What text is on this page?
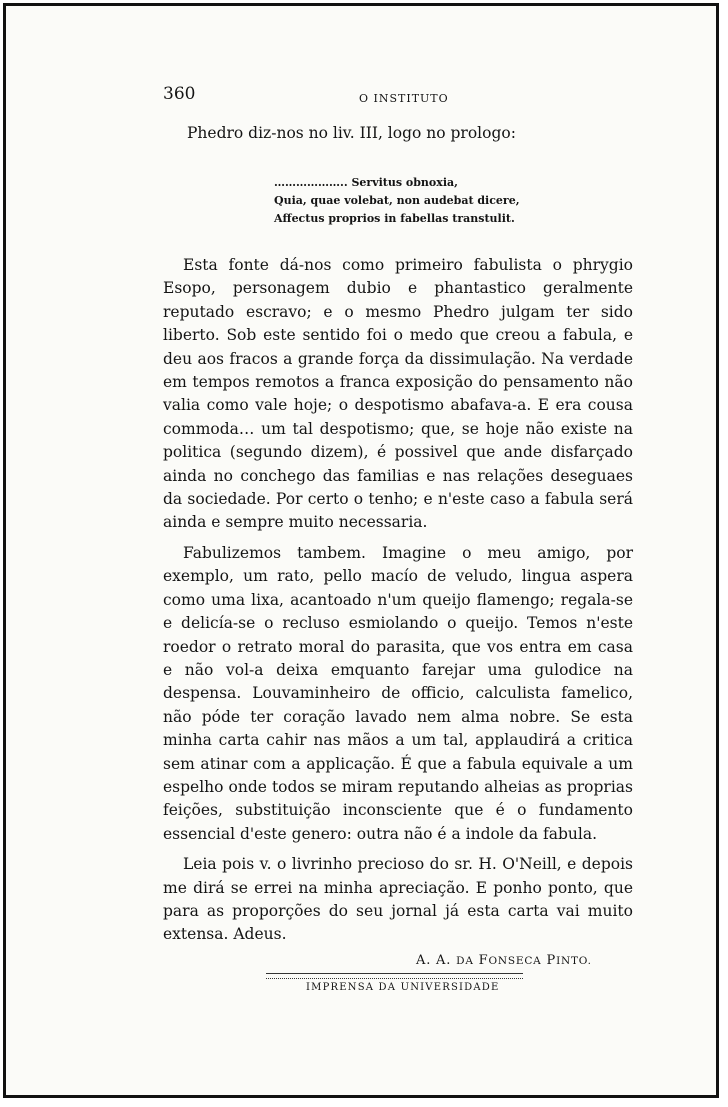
360	O INSTITUTO

Phedro diz-nos no liv. III, logo no prologo:

……………….. Servitus obnoxia,
Quia, quae volebat, non audebat dicere,
Affectus proprios in fabellas transtulit.

Esta fonte dá-nos como primeiro fabulista o phrygio Esopo, personagem dubio e phantastico geralmente reputado escravo; e o mesmo Phedro julgam ter sido liberto. Sob este sentido foi o medo que creou a fabula, e deu aos fracos a grande força da dissimulação. Na verdade em tempos remotos a franca exposição do pensamento não valia como vale hoje; o despotismo abafava-a. E era cousa commoda… um tal despotismo; que, se hoje não existe na politica (segundo dizem), é possivel que ande disfarçado ainda no conchego das familias e nas relações deseguaes da sociedade. Por certo o tenho; e n'este caso a fabula será ainda e sempre muito necessaria.

Fabulizemos tambem. Imagine o meu amigo, por exemplo, um rato, pello macío de veludo, lingua aspera como uma lixa, acantoado n'um queijo flamengo; regala-se e delicía-se o recluso esmiolando o queijo. Temos n'este roedor o retrato moral do parasita, que vos entra em casa e não vol-a deixa emquanto farejar uma gulodice na despensa. Louvaminheiro de officio, calculista famelico, não póde ter coração lavado nem alma nobre. Se esta minha carta cahir nas mãos a um tal, applaudirá a critica sem atinar com a applicação. É que a fabula equivale a um espelho onde todos se miram reputando alheias as proprias feições, substituição inconsciente que é o fundamento essencial d'este genero: outra não é a indole da fabula.

Leia pois v. o livrinho precioso do sr. H. O'Neill, e depois me dirá se errei na minha apreciação. E ponho ponto, que para as proporções do seu jornal já esta carta vai muito extensa. Adeus.

A. A. DA FONSECA PINTO.
IMPRENSA DA UNIVERSIDADE
